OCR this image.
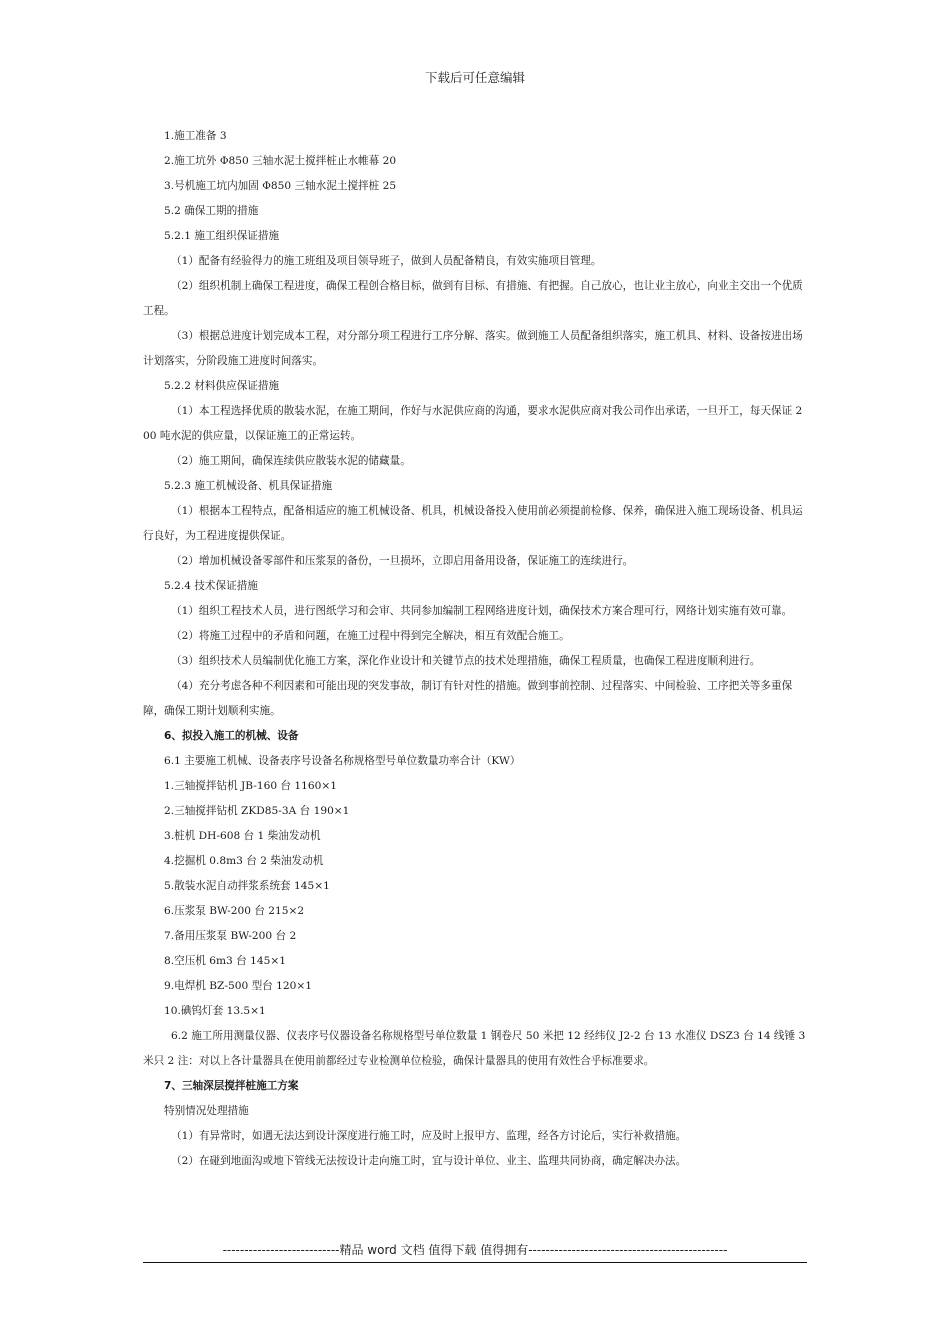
下载后可任意编辑

1.施工准备 3

2.施工坑外 Φ850 三轴水泥土搅拌桩止水帷幕 20

3.号机施工坑内加固 Φ850 三轴水泥土搅拌桩 25

5.2 确保工期的措施

5.2.1 施工组织保证措施

（1）配备有经验得力的施工班组及项目领导班子，做到人员配备精良，有效实施项目管理。

（2）组织机制上确保工程进度，确保工程创合格目标，做到有目标、有措施、有把握。自己放心，也让业主放心，向业主交出一个优质工程。

（3）根据总进度计划完成本工程，对分部分项工程进行工序分解、落实。做到施工人员配备组织落实，施工机具、材料、设备按进出场计划落实，分阶段施工进度时间落实。

5.2.2 材料供应保证措施

（1）本工程选择优质的散装水泥，在施工期间，作好与水泥供应商的沟通，要求水泥供应商对我公司作出承诺，一旦开工，每天保证 200 吨水泥的供应量，以保证施工的正常运转。

（2）施工期间，确保连续供应散装水泥的储藏量。

5.2.3 施工机械设备、机具保证措施

（1）根据本工程特点，配备相适应的施工机械设备、机具，机械设备投入使用前必须提前检修、保养，确保进入施工现场设备、机具运行良好，为工程进度提供保证。

（2）增加机械设备零部件和压浆泵的备份，一旦损坏，立即启用备用设备，保证施工的连续进行。

5.2.4 技术保证措施

（1）组织工程技术人员，进行图纸学习和会审、共同参加编制工程网络进度计划，确保技术方案合理可行，网络计划实施有效可靠。

（2）将施工过程中的矛盾和问题，在施工过程中得到完全解决，相互有效配合施工。

（3）组织技术人员编制优化施工方案，深化作业设计和关键节点的技术处理措施，确保工程质量，也确保工程进度顺利进行。

（4）充分考虑各种不利因素和可能出现的突发事故，制订有针对性的措施。做到事前控制、过程落实、中间检验、工序把关等多重保障，确保工期计划顺利实施。

6、拟投入施工的机械、设备

6.1 主要施工机械、设备表序号设备名称规格型号单位数量功率合计（KW）

1.三轴搅拌钻机 JB-160 台 1160×1

2.三轴搅拌钻机 ZKD85-3A 台 190×1

3.桩机 DH-608 台 1 柴油发动机

4.挖掘机 0.8m3 台 2 柴油发动机

5.散装水泥自动拌浆系统套 145×1

6.压浆泵 BW-200 台 215×2

7.备用压浆泵 BW-200 台 2

8.空压机 6m3 台 145×1

9.电焊机 BZ-500 型台 120×1

10.碘钨灯套 13.5×1

6.2 施工所用测量仪器、仪表序号仪器设备名称规格型号单位数量 1 钢卷尺 50 米把 12 经纬仪 J2-2 台 13 水准仪 DSZ3 台 14 线锤 3 米只 2 注：对以上各计量器具在使用前都经过专业检测单位检验，确保计量器具的使用有效性合乎标准要求。

7、三轴深层搅拌桩施工方案

特别情况处理措施

（1）有异常时，如遇无法达到设计深度进行施工时，应及时上报甲方、监理，经各方讨论后，实行补救措施。

（2）在碰到地面沟或地下管线无法按设计走向施工时，宜与设计单位、业主、监理共同协商，确定解决办法。

---------------------------精品 word 文档 值得下载 值得拥有----------------------------------------------
